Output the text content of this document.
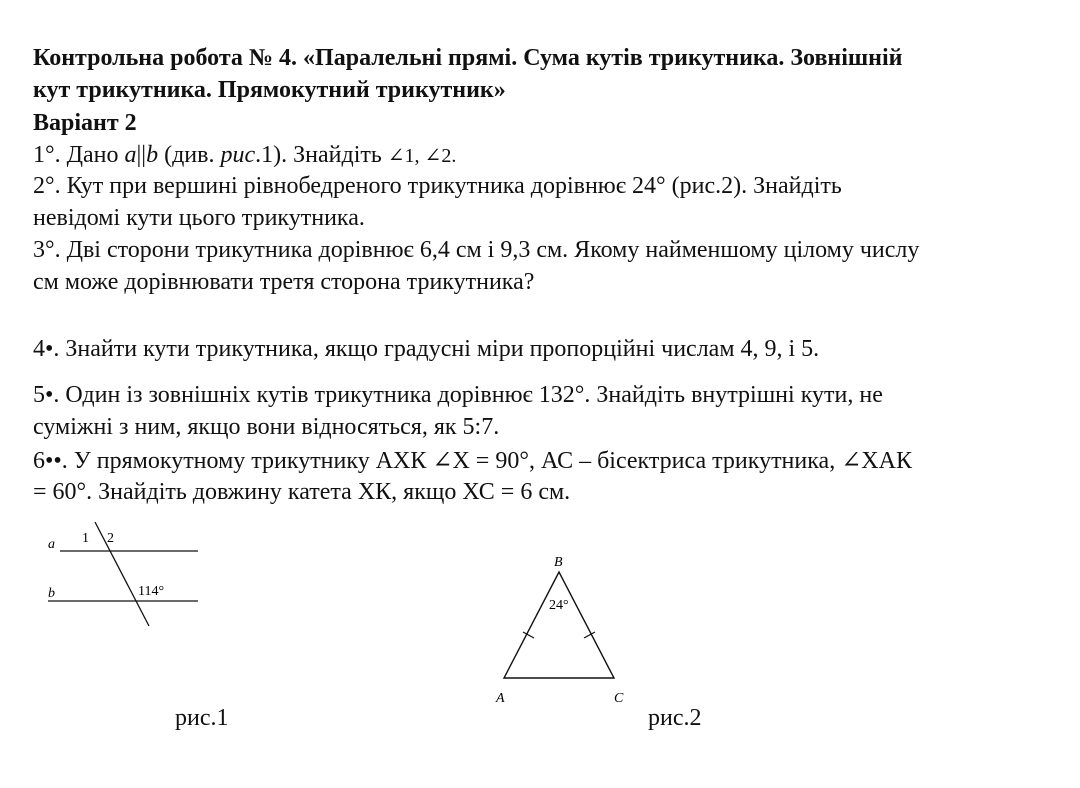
Контрольна робота № 4. «Паралельні прямі. Сума кутів трикутника. Зовнішній
кут трикутника. Прямокутний трикутник»
Варіант 2
1°. Дано a||b (див. рис.1). Знайдіть ∠1, ∠2.
2°. Кут при вершині рівнобедреного трикутника дорівнює 24° (рис.2). Знайдіть
невідомі кути цього трикутника.
3°. Дві сторони трикутника дорівнює 6,4 см і 9,3 см. Якому найменшому цілому числу
см може дорівнювати третя сторона трикутника?
4•. Знайти кути трикутника, якщо градусні міри пропорційні числам 4, 9, і 5.
5•. Один із зовнішніх кутів трикутника дорівнює 132°. Знайдіть внутрішні кути, не
суміжні з ним, якщо вони відносяться, як 5:7.
6••. У прямокутному трикутнику АХК ∠Х = 90°, АС – бісектриса трикутника, ∠ХАК
= 60°. Знайдіть довжину катета ХК, якщо ХС = 6 см.
a
b
1 2
114°
рис.1
B
A	C
24°
рис.2
